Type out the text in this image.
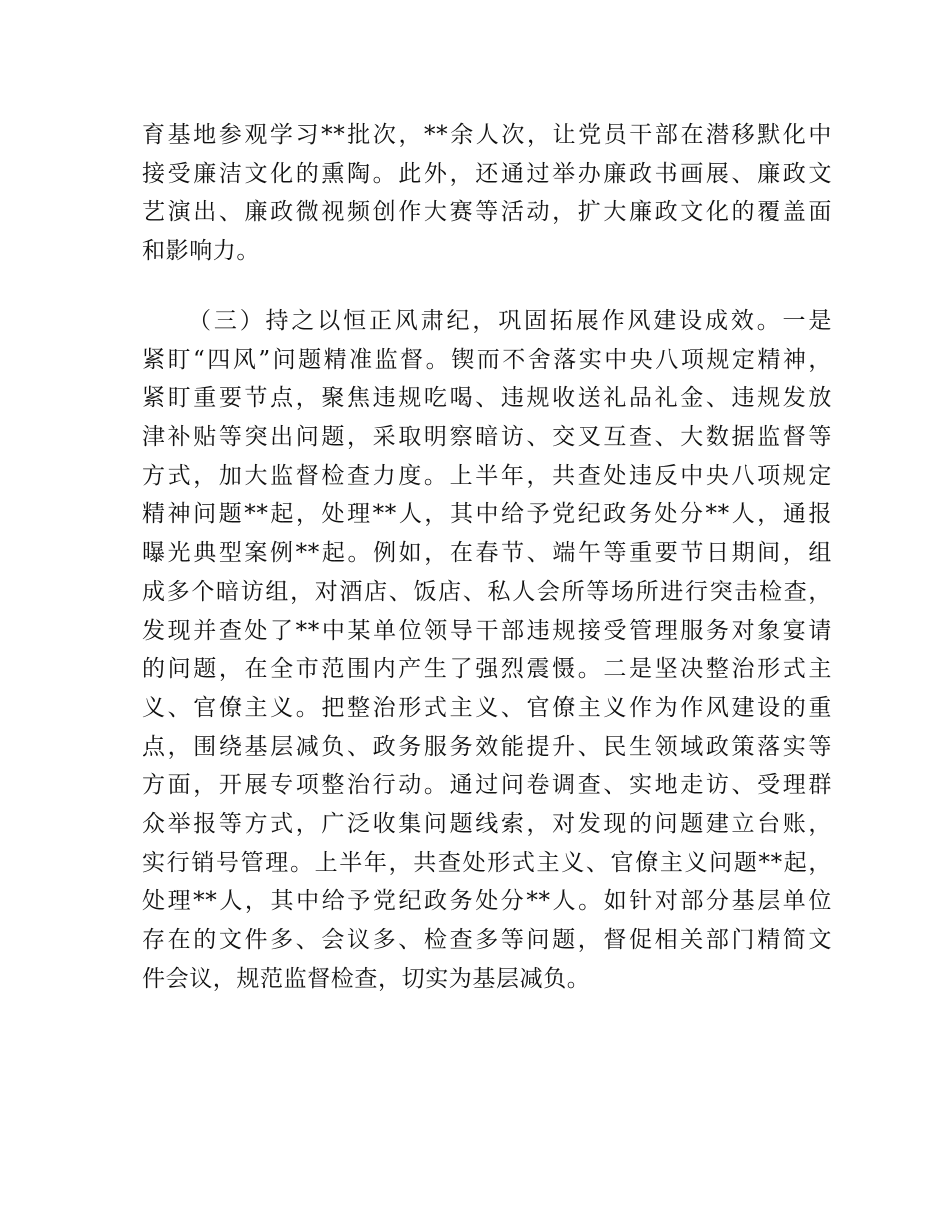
育基地参观学习**批次，**余人次，让党员干部在潜移默化中
接受廉洁文化的熏陶。此外，还通过举办廉政书画展、廉政文
艺演出、廉政微视频创作大赛等活动，扩大廉政文化的覆盖面
和影响力。
（三）持之以恒正风肃纪，巩固拓展作风建设成效。一是
紧盯“四风”问题精准监督。锲而不舍落实中央八项规定精神，
紧盯重要节点，聚焦违规吃喝、违规收送礼品礼金、违规发放
津补贴等突出问题，采取明察暗访、交叉互查、大数据监督等
方式，加大监督检查力度。上半年，共查处违反中央八项规定
精神问题**起，处理**人，其中给予党纪政务处分**人，通报
曝光典型案例**起。例如，在春节、端午等重要节日期间，组
成多个暗访组，对酒店、饭店、私人会所等场所进行突击检查，
发现并查处了**中某单位领导干部违规接受管理服务对象宴请
的问题，在全市范围内产生了强烈震慑。二是坚决整治形式主
义、官僚主义。把整治形式主义、官僚主义作为作风建设的重
点，围绕基层减负、政务服务效能提升、民生领域政策落实等
方面，开展专项整治行动。通过问卷调查、实地走访、受理群
众举报等方式，广泛收集问题线索，对发现的问题建立台账，
实行销号管理。上半年，共查处形式主义、官僚主义问题**起，
处理**人，其中给予党纪政务处分**人。如针对部分基层单位
存在的文件多、会议多、检查多等问题，督促相关部门精简文
件会议，规范监督检查，切实为基层减负。
